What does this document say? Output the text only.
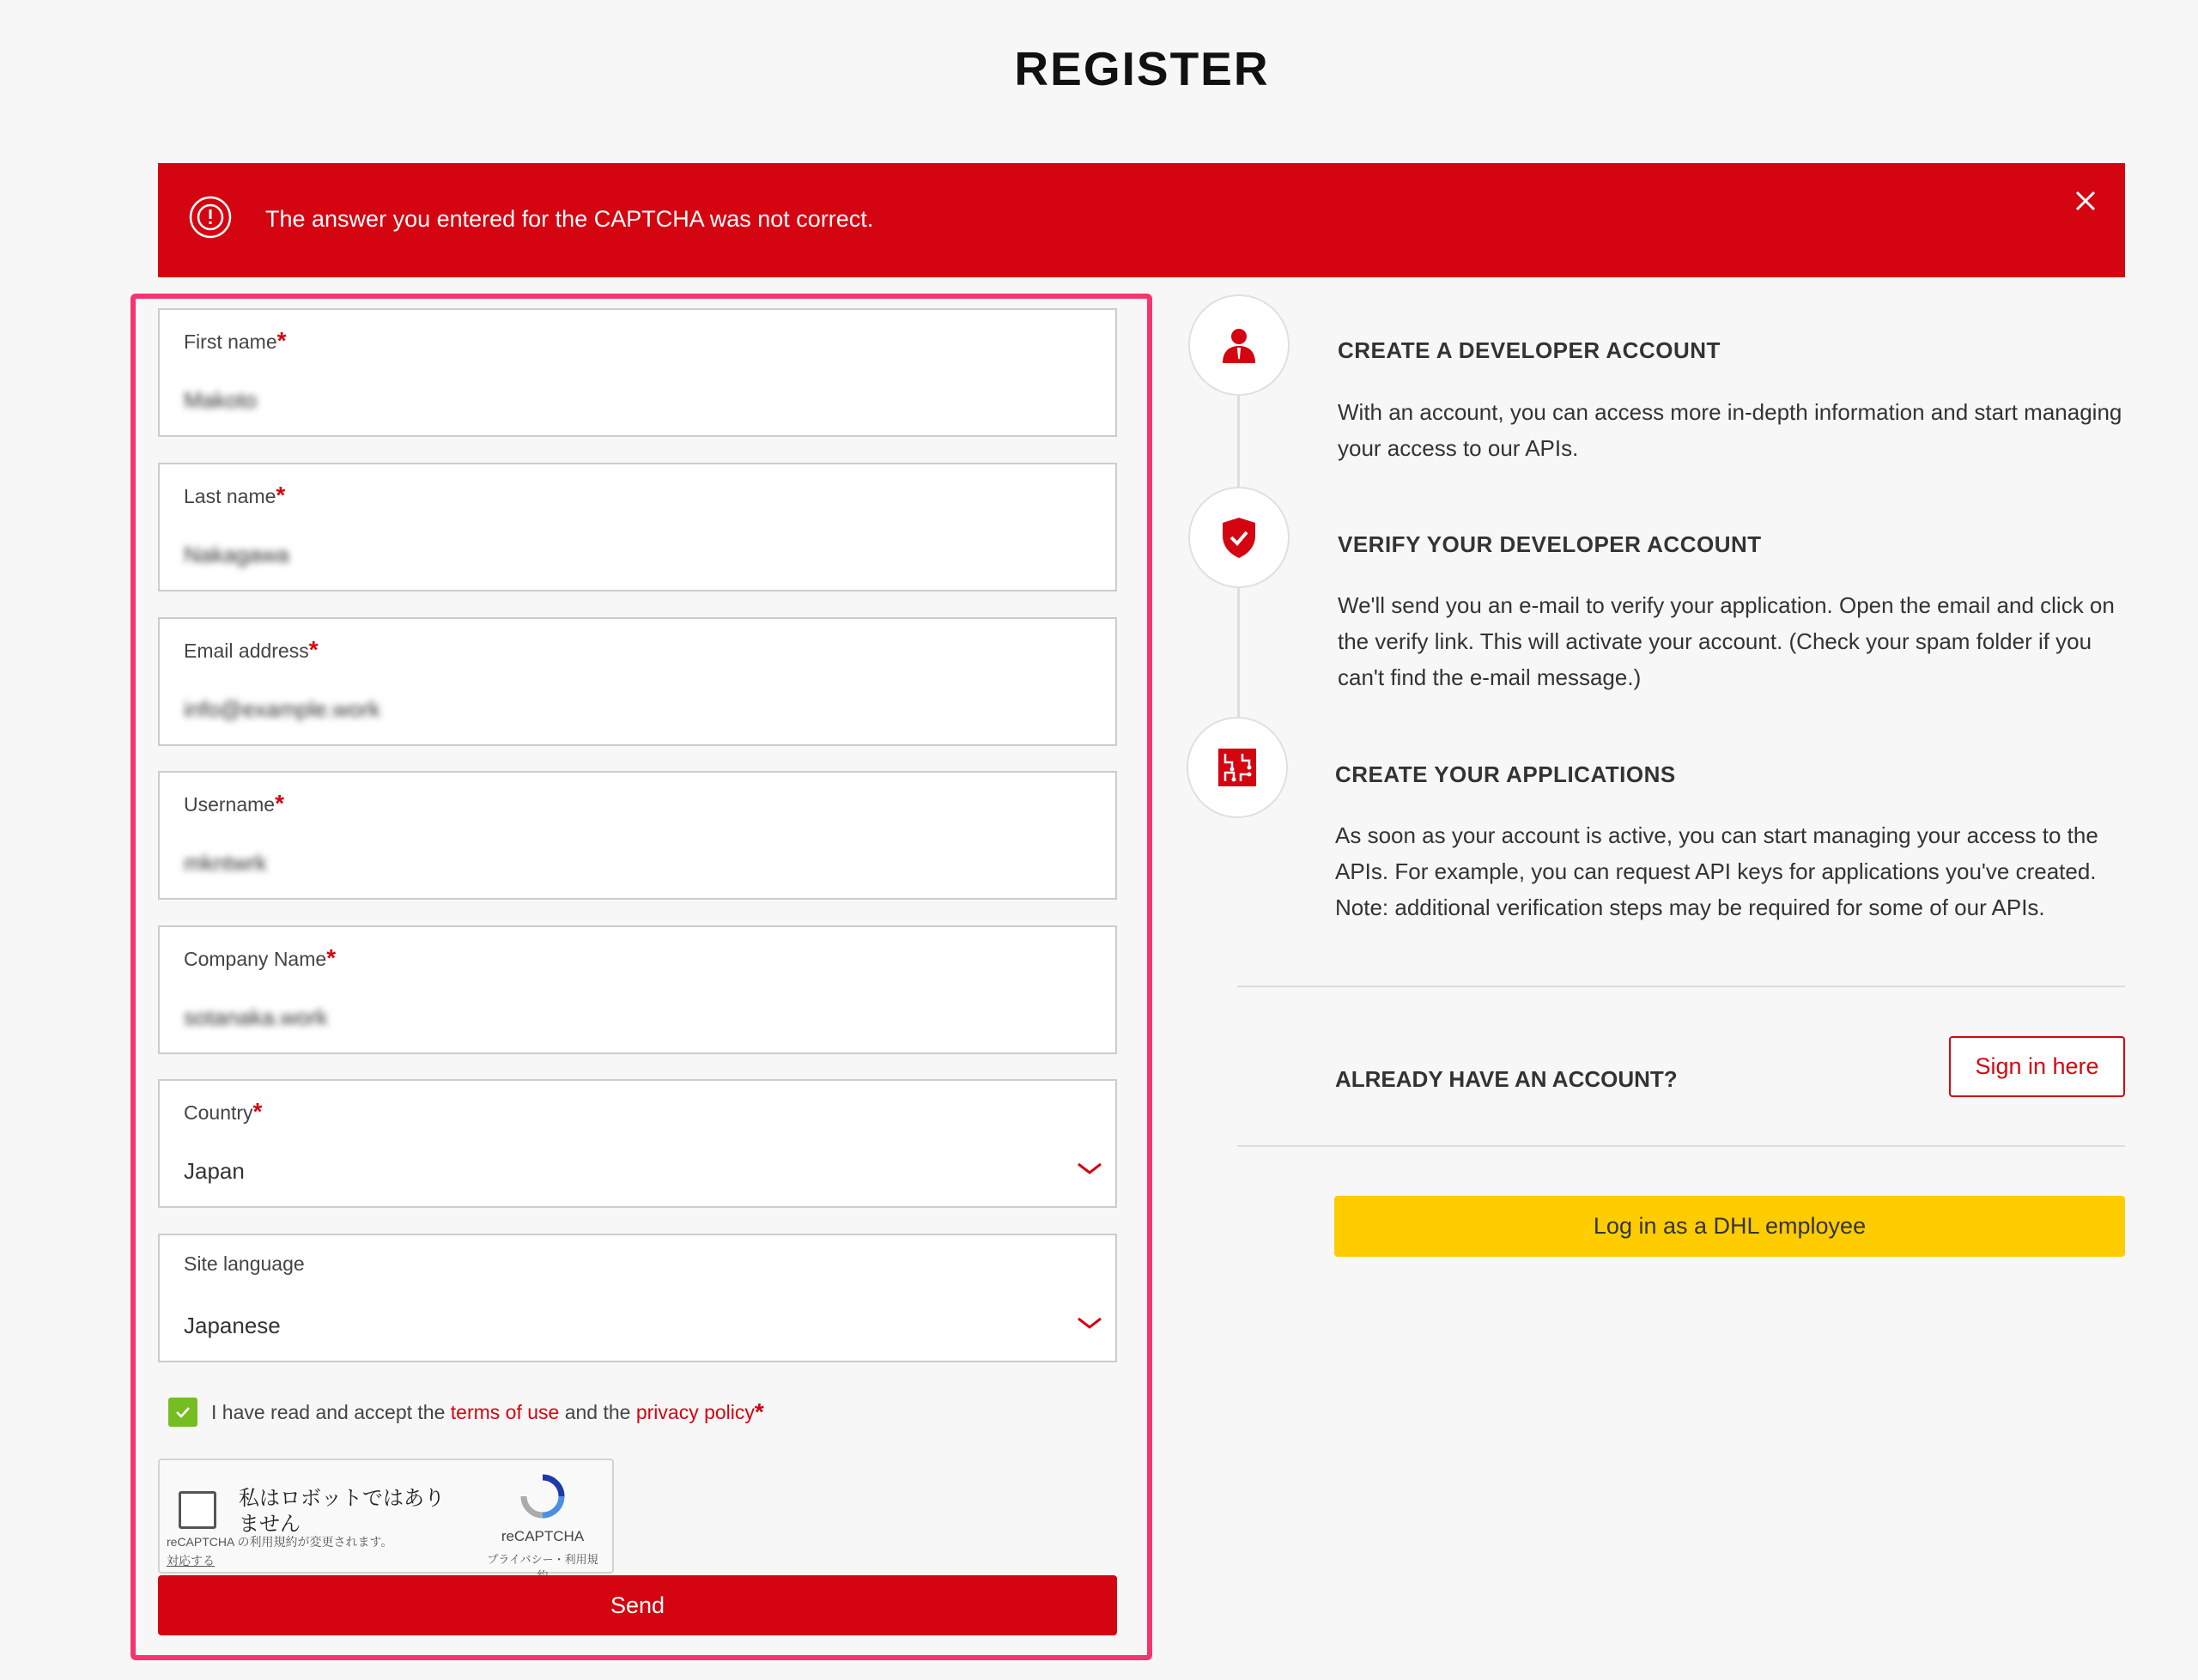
REGISTER
The answer you entered for the CAPTCHA was not correct.
First name*
Makoto
Last name*
Nakagawa
Email address*
info@example.work
Username*
mkntwrk
Company Name*
sotanaka.work
Country*
Japan
Site language
Japanese
I have read and accept the
terms of use
and the
privacy policy *
私はロボットではありません
reCAPTCHA の利用規約が変更されます。
対応する
reCAPTCHA
プライバシー・利用規
Send
CREATE A DEVELOPER ACCOUNT
With an account, you can access more in-depth information and start managing your access to our APIs.
VERIFY YOUR DEVELOPER ACCOUNT
We'll send you an e-mail to verify your application. Open the email and click on the verify link. This will activate your account. (Check your spam folder if you can't find the e-mail message.)
CREATE YOUR APPLICATIONS
As soon as your account is active, you can start managing your access to the APIs. For example, you can request API keys for applications you've created. Note: additional verification steps may be required for some of our APIs.
ALREADY HAVE AN ACCOUNT?	Sign in here
Log in as a DHL employee
